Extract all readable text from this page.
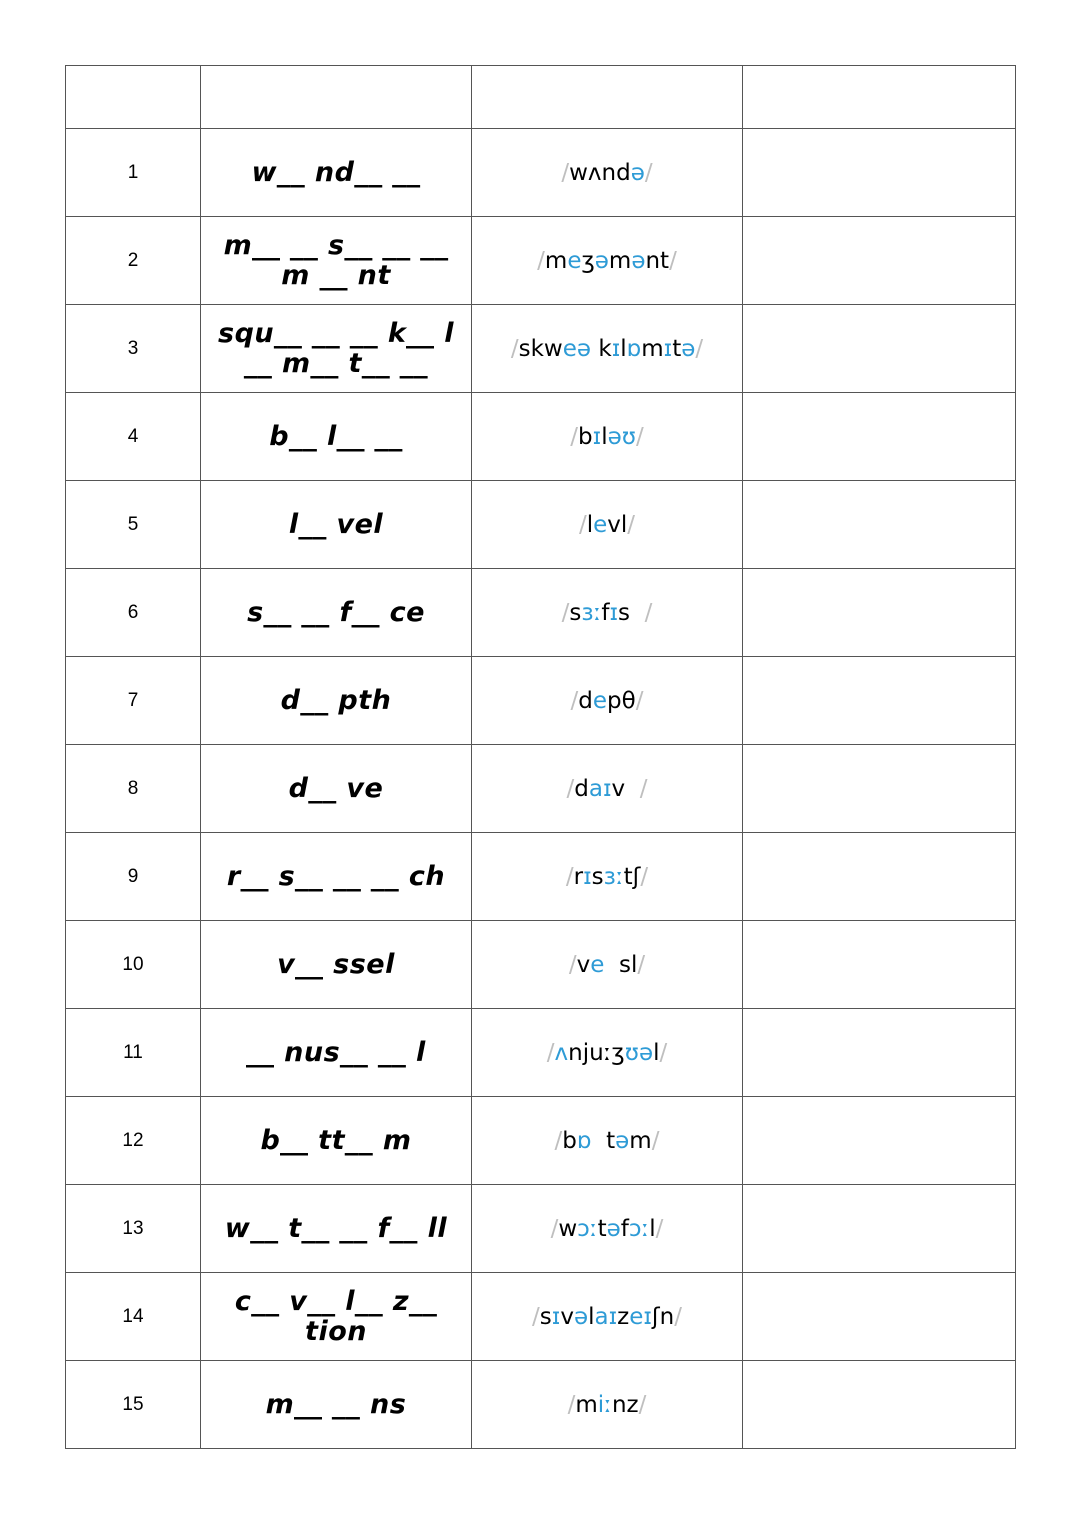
1	w__ nd__ __	/wʌndə/	
2	m__ __ s__ __ __ m __ nt	/meʒəmənt/	
3	squ__ __ __ k__ l __ m__ t__ __	/skweə kɪlɒmɪtə/	
4	b__ l__ __	/bɪləʊ/	
5	l__ vel	/levl/	
6	s__ __ f__ ce	/sɜːfɪs  /	
7	d__ pth	/depθ/	
8	d__ ve	/daɪv  /	
9	r__ s__ __ __ ch	/rɪsɜːtʃ/	
10	v__ ssel	/ve  sl/	
11	__ nus__ __ l	/ʌnjuːʒʊəl/	
12	b__ tt__ m	/bɒ  təm/	
13	w__ t__ __ f__ ll	/wɔːtəfɔːl/	
14	c__ v__ l__ z__ tion	/sɪvəlaɪzeɪʃn/	
15	m__ __ ns	/miːnz/	
